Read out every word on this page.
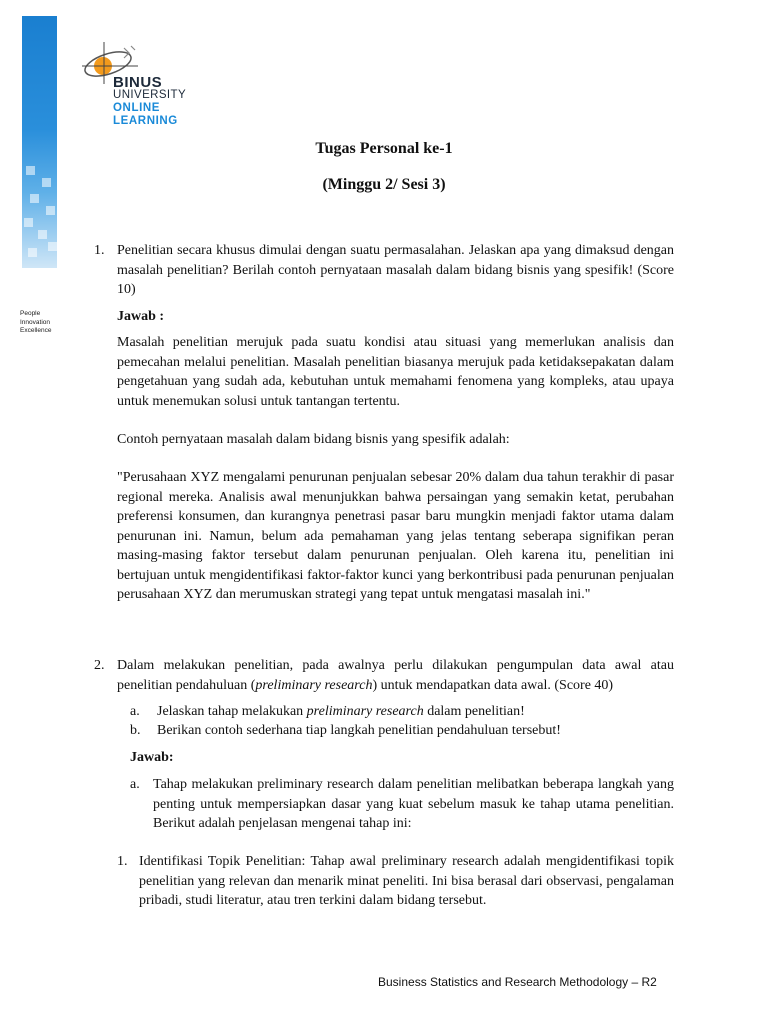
BINUS
UNIVERSITY
ONLINE
LEARNING
People
Innovation
Excellence
Tugas Personal ke-1
(Minggu 2/ Sesi 3)
1. Penelitian secara khusus dimulai dengan suatu permasalahan. Jelaskan apa yang dimaksud dengan masalah penelitian? Berilah contoh pernyataan masalah dalam bidang bisnis yang spesifik! (Score 10)
Jawab :
Masalah penelitian merujuk pada suatu kondisi atau situasi yang memerlukan analisis dan pemecahan melalui penelitian. Masalah penelitian biasanya merujuk pada ketidaksepakatan dalam pengetahuan yang sudah ada, kebutuhan untuk memahami fenomena yang kompleks, atau upaya untuk menemukan solusi untuk tantangan tertentu.
Contoh pernyataan masalah dalam bidang bisnis yang spesifik adalah:
"Perusahaan XYZ mengalami penurunan penjualan sebesar 20% dalam dua tahun terakhir di pasar regional mereka. Analisis awal menunjukkan bahwa persaingan yang semakin ketat, perubahan preferensi konsumen, dan kurangnya penetrasi pasar baru mungkin menjadi faktor utama dalam penurunan ini. Namun, belum ada pemahaman yang jelas tentang seberapa signifikan peran masing-masing faktor tersebut dalam penurunan penjualan. Oleh karena itu, penelitian ini bertujuan untuk mengidentifikasi faktor-faktor kunci yang berkontribusi pada penurunan penjualan perusahaan XYZ dan merumuskan strategi yang tepat untuk mengatasi masalah ini."
2. Dalam melakukan penelitian, pada awalnya perlu dilakukan pengumpulan data awal atau penelitian pendahuluan (preliminary research) untuk mendapatkan data awal. (Score 40)
a. Jelaskan tahap melakukan preliminary research dalam penelitian!
b. Berikan contoh sederhana tiap langkah penelitian pendahuluan tersebut!
Jawab:
a. Tahap melakukan preliminary research dalam penelitian melibatkan beberapa langkah yang penting untuk mempersiapkan dasar yang kuat sebelum masuk ke tahap utama penelitian. Berikut adalah penjelasan mengenai tahap ini:
1. Identifikasi Topik Penelitian: Tahap awal preliminary research adalah mengidentifikasi topik penelitian yang relevan dan menarik minat peneliti. Ini bisa berasal dari observasi, pengalaman pribadi, studi literatur, atau tren terkini dalam bidang tersebut.
Business Statistics and Research Methodology – R2
